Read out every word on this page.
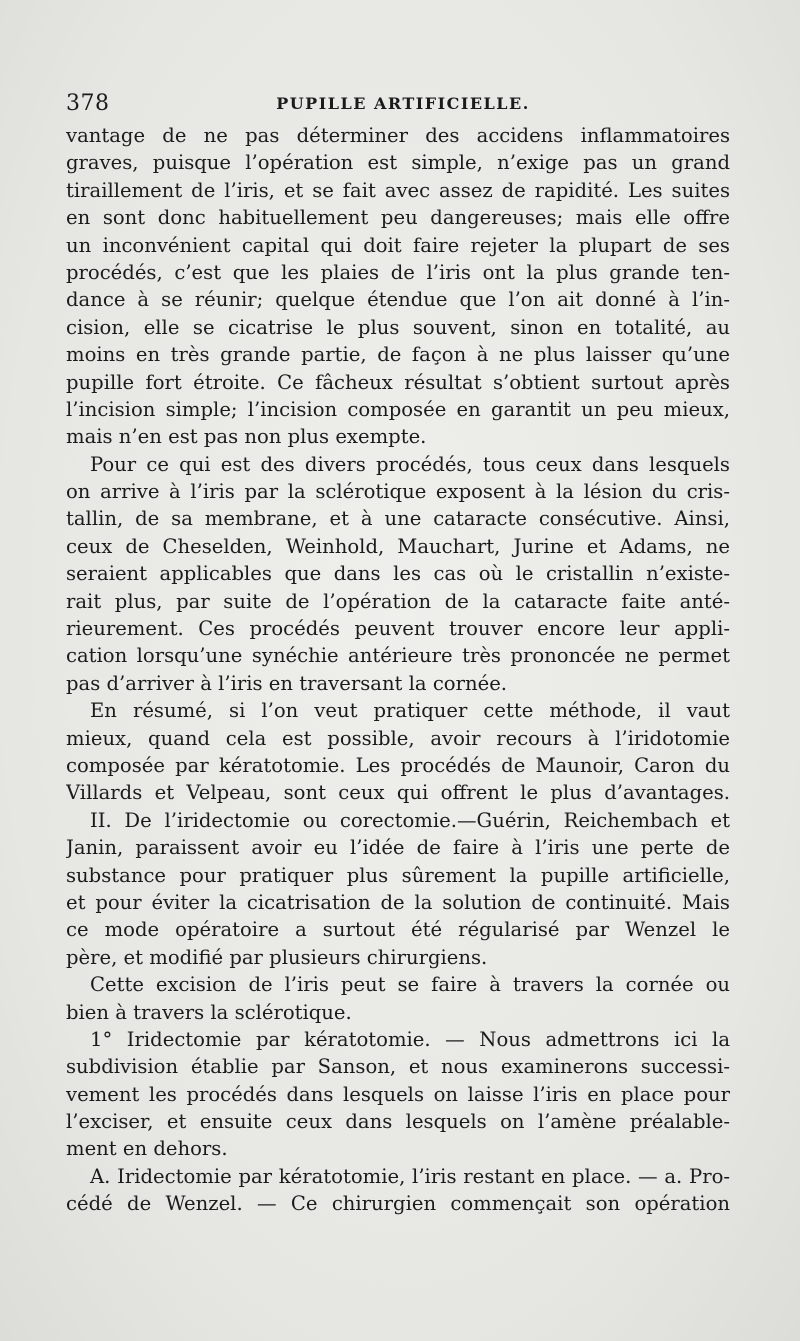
378	PUPILLE ARTIFICIELLE.
vantage de ne pas déterminer des accidens inflammatoires
graves, puisque l’opération est simple, n’exige pas un grand
tiraillement de l’iris, et se fait avec assez de rapidité. Les suites
en sont donc habituellement peu dangereuses; mais elle offre
un inconvénient capital qui doit faire rejeter la plupart de ses
procédés, c’est que les plaies de l’iris ont la plus grande ten-
dance à se réunir; quelque étendue que l’on ait donné à l’in-
cision, elle se cicatrise le plus souvent, sinon en totalité, au
moins en très grande partie, de façon à ne plus laisser qu’une
pupille fort étroite. Ce fâcheux résultat s’obtient surtout après
l’incision simple; l’incision composée en garantit un peu mieux,
mais n’en est pas non plus exempte.
Pour ce qui est des divers procédés, tous ceux dans lesquels
on arrive à l’iris par la sclérotique exposent à la lésion du cris-
tallin, de sa membrane, et à une cataracte consécutive. Ainsi,
ceux de Cheselden, Weinhold, Mauchart, Jurine et Adams, ne
seraient applicables que dans les cas où le cristallin n’existe-
rait plus, par suite de l’opération de la cataracte faite anté-
rieurement. Ces procédés peuvent trouver encore leur appli-
cation lorsqu’une synéchie antérieure très prononcée ne permet
pas d’arriver à l’iris en traversant la cornée.
En résumé, si l’on veut pratiquer cette méthode, il vaut
mieux, quand cela est possible, avoir recours à l’iridotomie
composée par kératotomie. Les procédés de Maunoir, Caron du
Villards et Velpeau, sont ceux qui offrent le plus d’avantages.
II. De l’iridectomie ou corectomie.—Guérin, Reichembach et
Janin, paraissent avoir eu l’idée de faire à l’iris une perte de
substance pour pratiquer plus sûrement la pupille artificielle,
et pour éviter la cicatrisation de la solution de continuité. Mais
ce mode opératoire a surtout été régularisé par Wenzel le
père, et modifié par plusieurs chirurgiens.
Cette excision de l’iris peut se faire à travers la cornée ou
bien à travers la sclérotique.
1° Iridectomie par kératotomie. — Nous admettrons ici la
subdivision établie par Sanson, et nous examinerons successi-
vement les procédés dans lesquels on laisse l’iris en place pour
l’exciser, et ensuite ceux dans lesquels on l’amène préalable-
ment en dehors.
A. Iridectomie par kératotomie, l’iris restant en place. — a. Pro-
cédé de Wenzel. — Ce chirurgien commençait son opération
